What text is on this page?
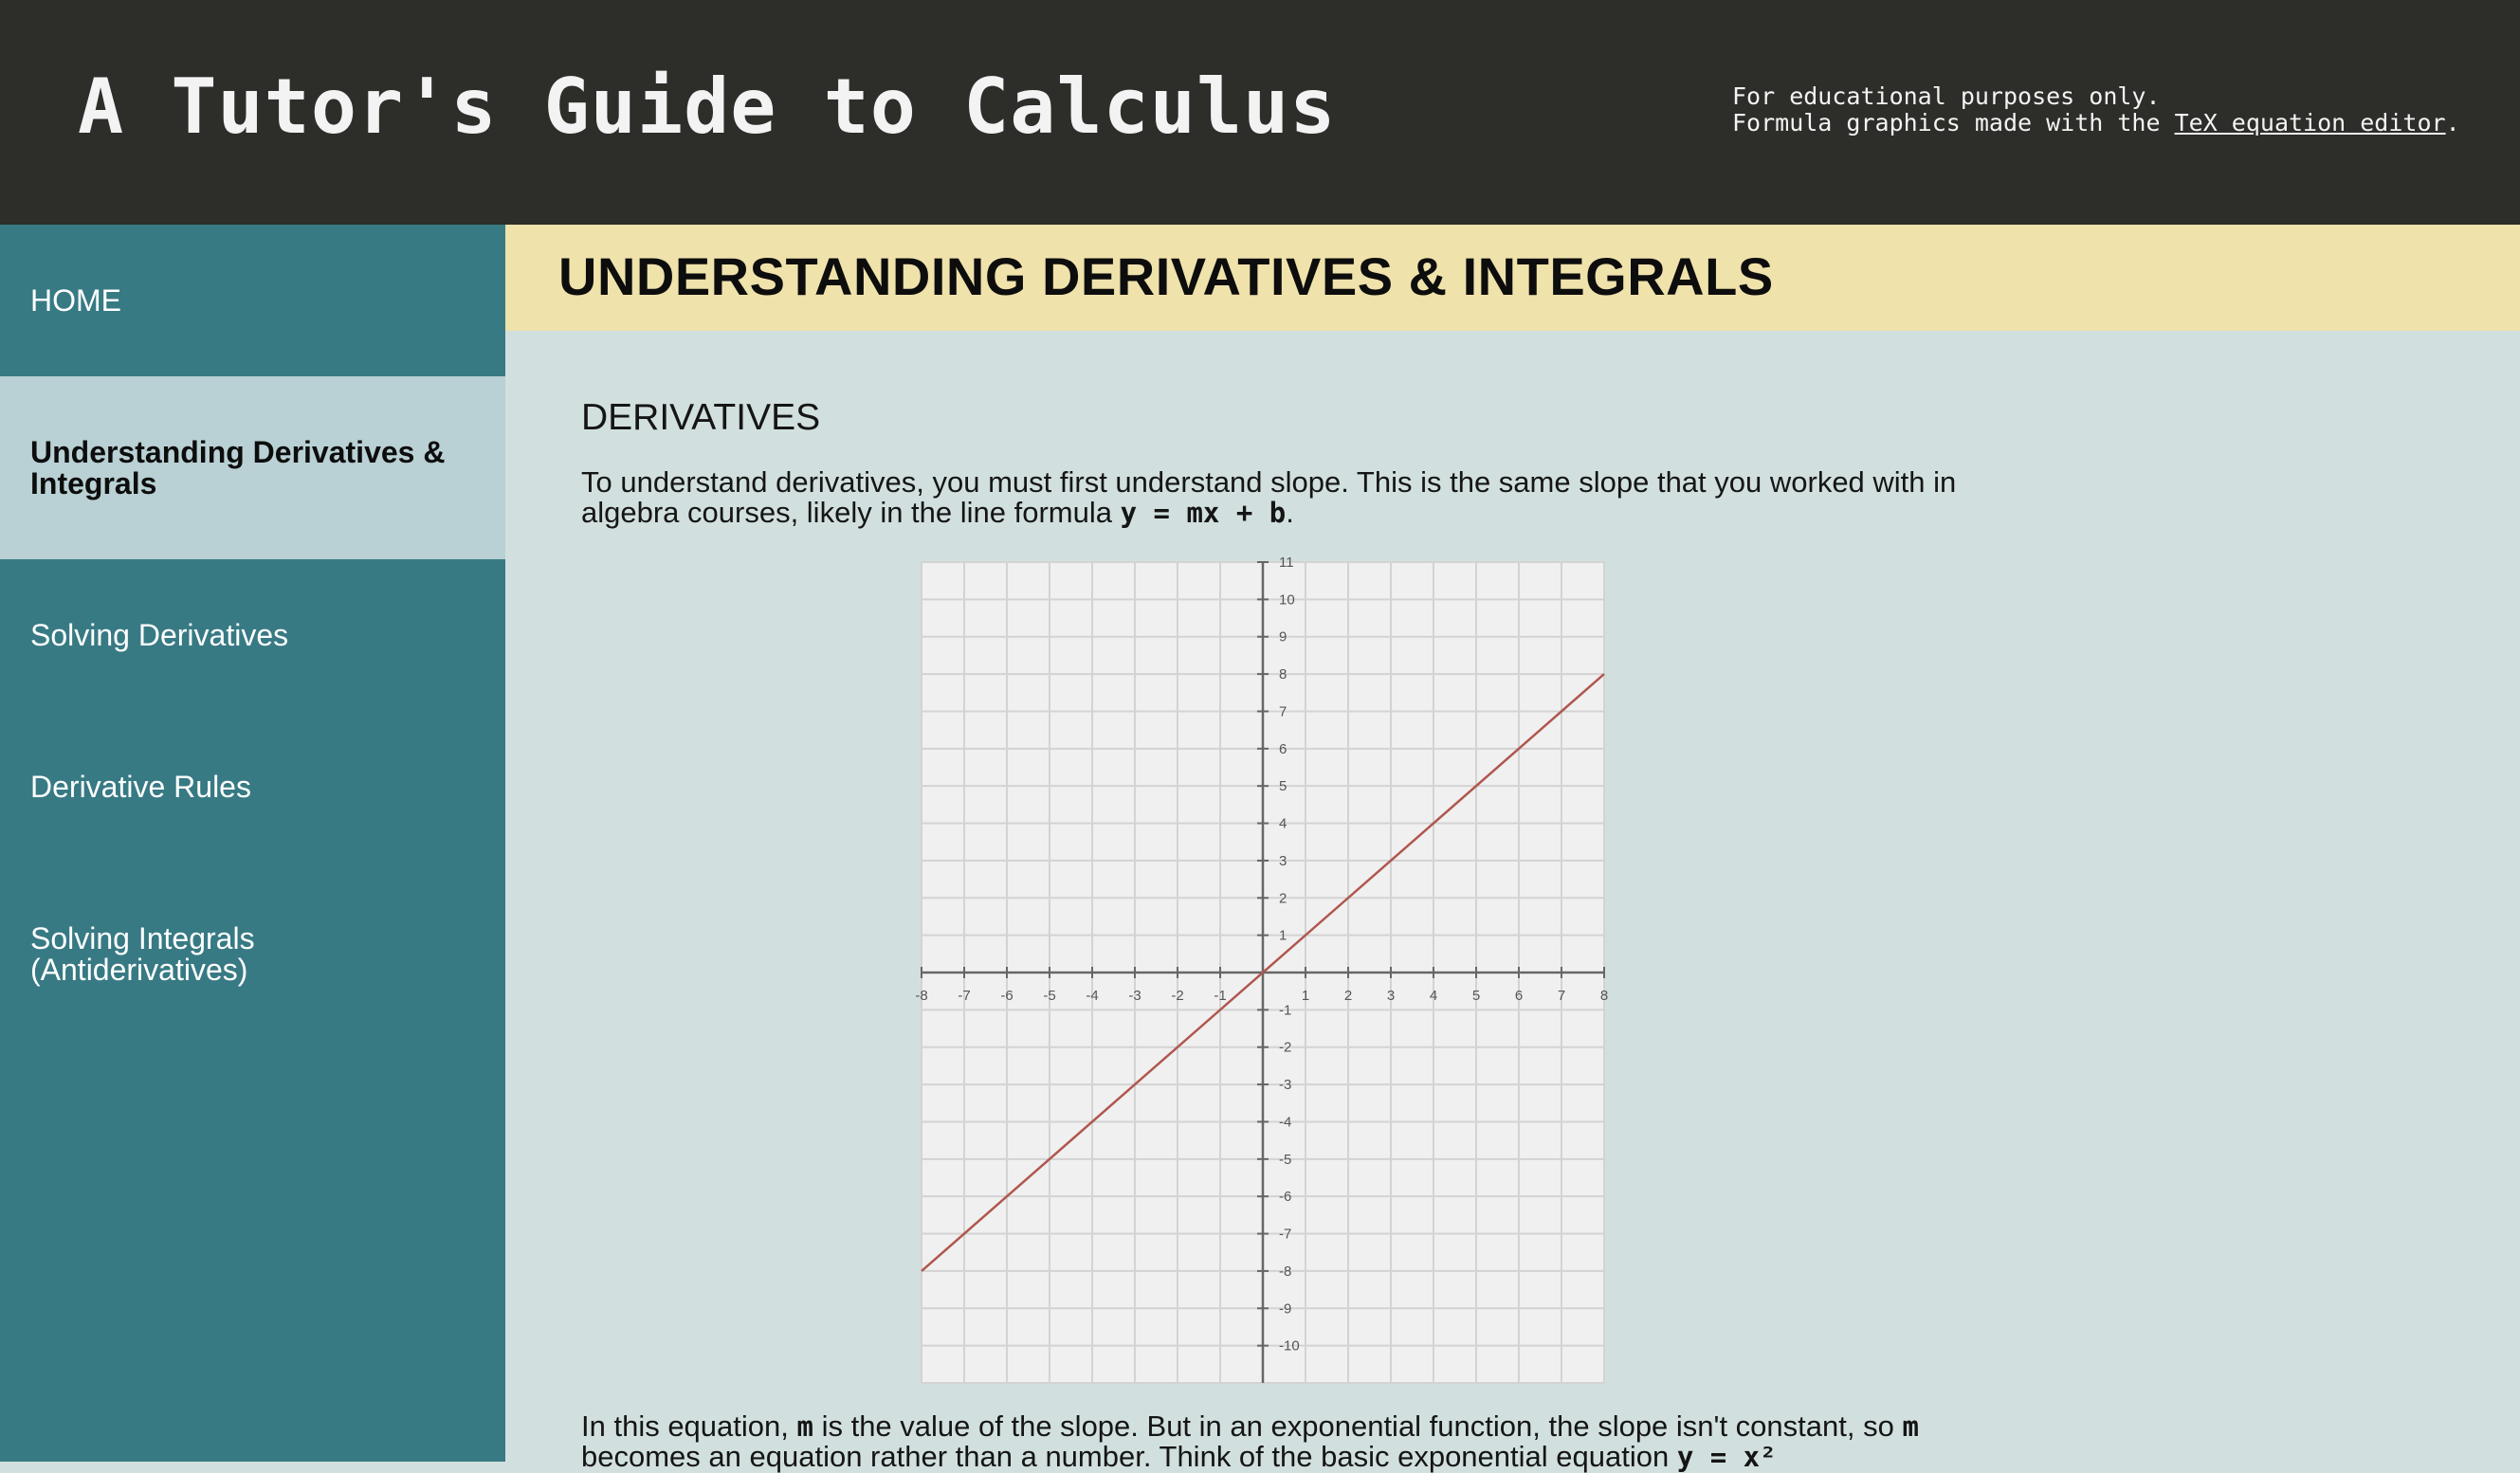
A Tutor's Guide to Calculus	For educational purposes only.
Formula graphics made with the TeX equation editor.
HOME
Understanding Derivatives & Integrals
Solving Derivatives
Derivative Rules
Solving Integrals (Antiderivatives)
UNDERSTANDING DERIVATIVES & INTEGRALS
DERIVATIVES

To understand derivatives, you must first understand slope. This is the same slope that you worked with in algebra courses, likely in the line formula y = mx + b.

In this equation, m is the value of the slope. But in an exponential function, the slope isn't constant, so m becomes an equation rather than a number. Think of the basic exponential equation y = x²

-8 -7 -6 -5 -4 -3 -2 -1	1 2 3 4 5 6 7 8
-10
-9
-8
-7
-6
-5
-4
-3
-2
-1
1
2
3
4
5
6
7
8
9
10
11
